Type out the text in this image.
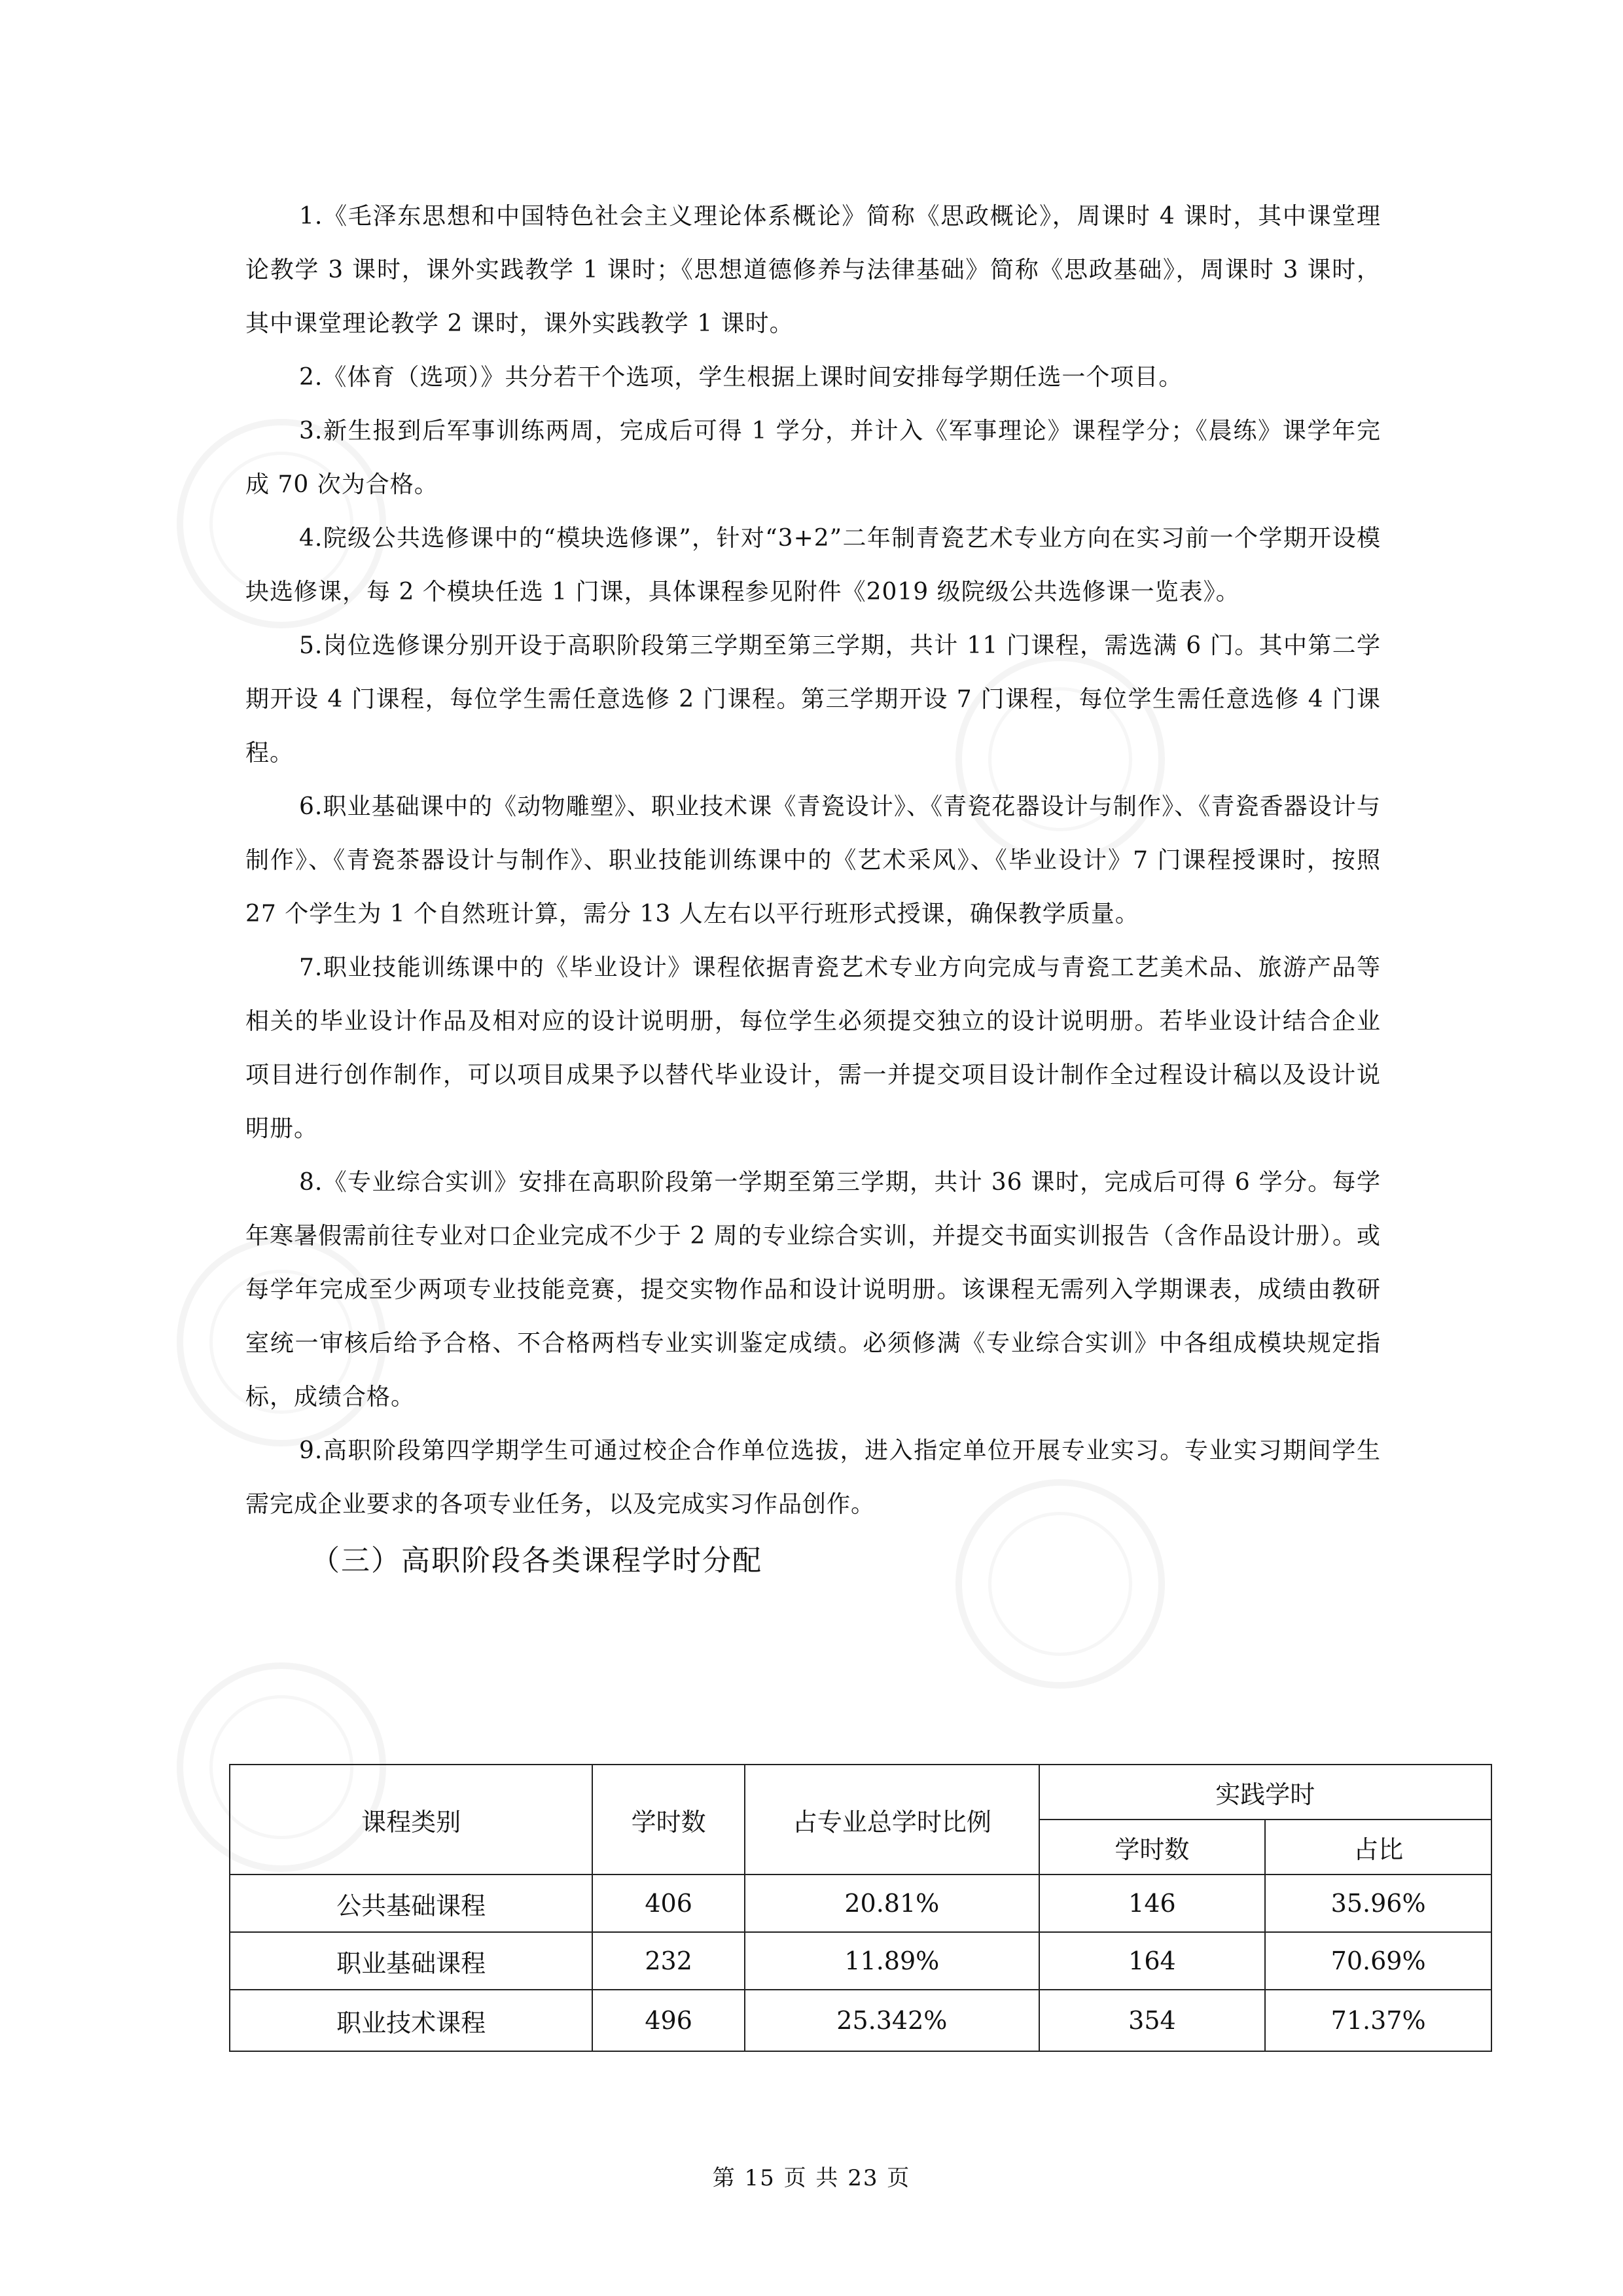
1.《毛泽东思想和中国特色社会主义理论体系概论》简称《思政概论》，周课时 4 课时，其中课堂理论教学 3 课时，课外实践教学 1 课时；《思想道德修养与法律基础》简称《思政基础》，周课时 3 课时，其中课堂理论教学 2 课时，课外实践教学 1 课时。

2.《体育（选项）》共分若干个选项，学生根据上课时间安排每学期任选一个项目。

3.新生报到后军事训练两周，完成后可得 1 学分，并计入《军事理论》课程学分；《晨练》课学年完成 70 次为合格。

4.院级公共选修课中的“模块选修课”，针对“3+2”二年制青瓷艺术专业方向在实习前一个学期开设模块选修课，每 2 个模块任选 1 门课，具体课程参见附件《2019 级院级公共选修课一览表》。

5.岗位选修课分别开设于高职阶段第三学期至第三学期，共计 11 门课程，需选满 6 门。其中第二学期开设 4 门课程，每位学生需任意选修 2 门课程。第三学期开设 7 门课程，每位学生需任意选修 4 门课程。

6.职业基础课中的《动物雕塑》、职业技术课《青瓷设计》、《青瓷花器设计与制作》、《青瓷香器设计与制作》、《青瓷茶器设计与制作》、职业技能训练课中的《艺术采风》、《毕业设计》7 门课程授课时，按照 27 个学生为 1 个自然班计算，需分 13 人左右以平行班形式授课，确保教学质量。

7.职业技能训练课中的《毕业设计》课程依据青瓷艺术专业方向完成与青瓷工艺美术品、旅游产品等相关的毕业设计作品及相对应的设计说明册，每位学生必须提交独立的设计说明册。若毕业设计结合企业项目进行创作制作，可以项目成果予以替代毕业设计，需一并提交项目设计制作全过程设计稿以及设计说明册。

8.《专业综合实训》安排在高职阶段第一学期至第三学期，共计 36 课时，完成后可得 6 学分。每学年寒暑假需前往专业对口企业完成不少于 2 周的专业综合实训，并提交书面实训报告（含作品设计册）。或每学年完成至少两项专业技能竞赛，提交实物作品和设计说明册。该课程无需列入学期课表，成绩由教研室统一审核后给予合格、不合格两档专业实训鉴定成绩。必须修满《专业综合实训》中各组成模块规定指标，成绩合格。

9.高职阶段第四学期学生可通过校企合作单位选拔，进入指定单位开展专业实习。专业实习期间学生需完成企业要求的各项专业任务，以及完成实习作品创作。

（三）高职阶段各类课程学时分配

课程类别	学时数	占专业总学时比例	实践学时	
			学时数	占比
公共基础课程	406	20.81%	146	35.96%
职业基础课程	232	11.89%	164	70.69%
职业技术课程	496	25.342%	354	71.37%
第 15 页 共 23 页
